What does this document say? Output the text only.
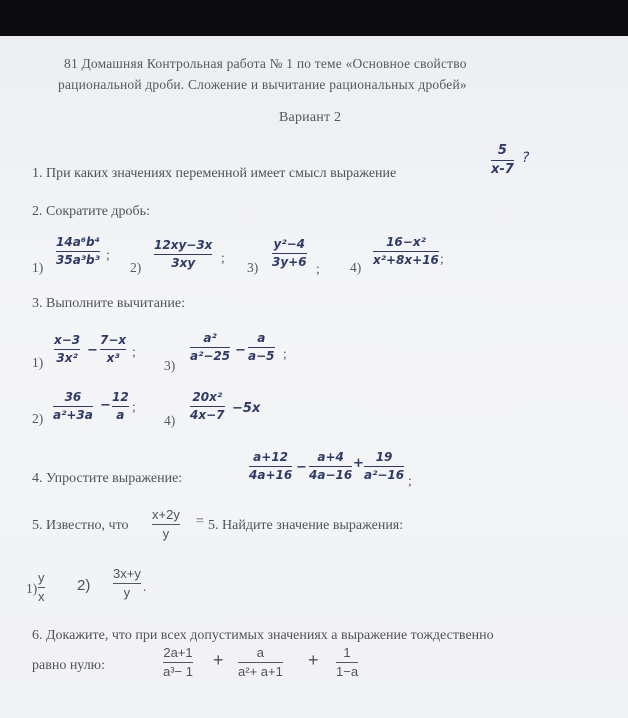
81 Домашняя Контрольная работа № 1 по теме «Основное свойство
рациональной дроби. Сложение и вычитание рациональных дробей»
Вариант 2
1. При каких значениях переменной имеет смысл выражение
5
x-7
?
2. Сократите дробь:
1)
14a⁶b⁴
35a³b³ ;
2)
12xy−3x
3xy ;
3)
y²−4
3y+6 ; 4)
16−x²
x²+8x+16 ;
3. Выполните вычитание:
1)
x−3
3x² −
7−x
x³ ;
3)
a²
a²−25 −
a
a−5 ;
2)
36
a²+3a
−
12
a
;
4)
20x²
4x−7 −5x
4. Упростите выражение:
a+12
4a+16 −
a+4
4a−16
+ 19
a²−16 ;
5. Известно, что
x+2y
y
= 5. Найдите значение выражения:
1)
y
x
2)
3x+y
y .
6. Докажите, что при всех допустимых значениях a выражение тождественно
равно нулю:
2a+1
a³− 1
+	a
a²+ a+1
+ 1
1−a
